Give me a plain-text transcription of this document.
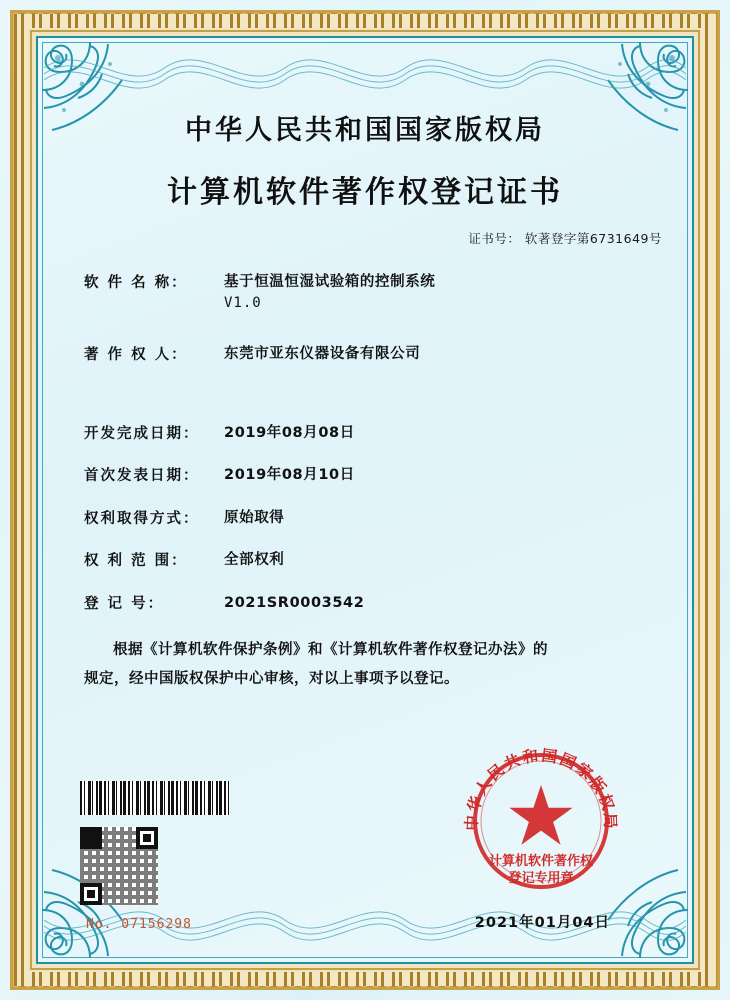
中华人民共和国国家版权局
计算机软件著作权登记证书
证书号： 软著登字第6731649号
软 件 名 称：	基于恒温恒湿试验箱的控制系统
V1.0
著 作 权 人：	东莞市亚东仪器设备有限公司
开发完成日期：	2019年08月08日
首次发表日期：	2019年08月10日
权利取得方式：	原始取得
权 利 范 围：	全部权利
登 记 号：	2021SR0003542
根据《计算机软件保护条例》和《计算机软件著作权登记办法》的
规定，经中国版权保护中心审核，对以上事项予以登记。
No. 07156298	2021年01月04日
中华人民共和国国家版权局
计算机软件著作权
登记专用章
